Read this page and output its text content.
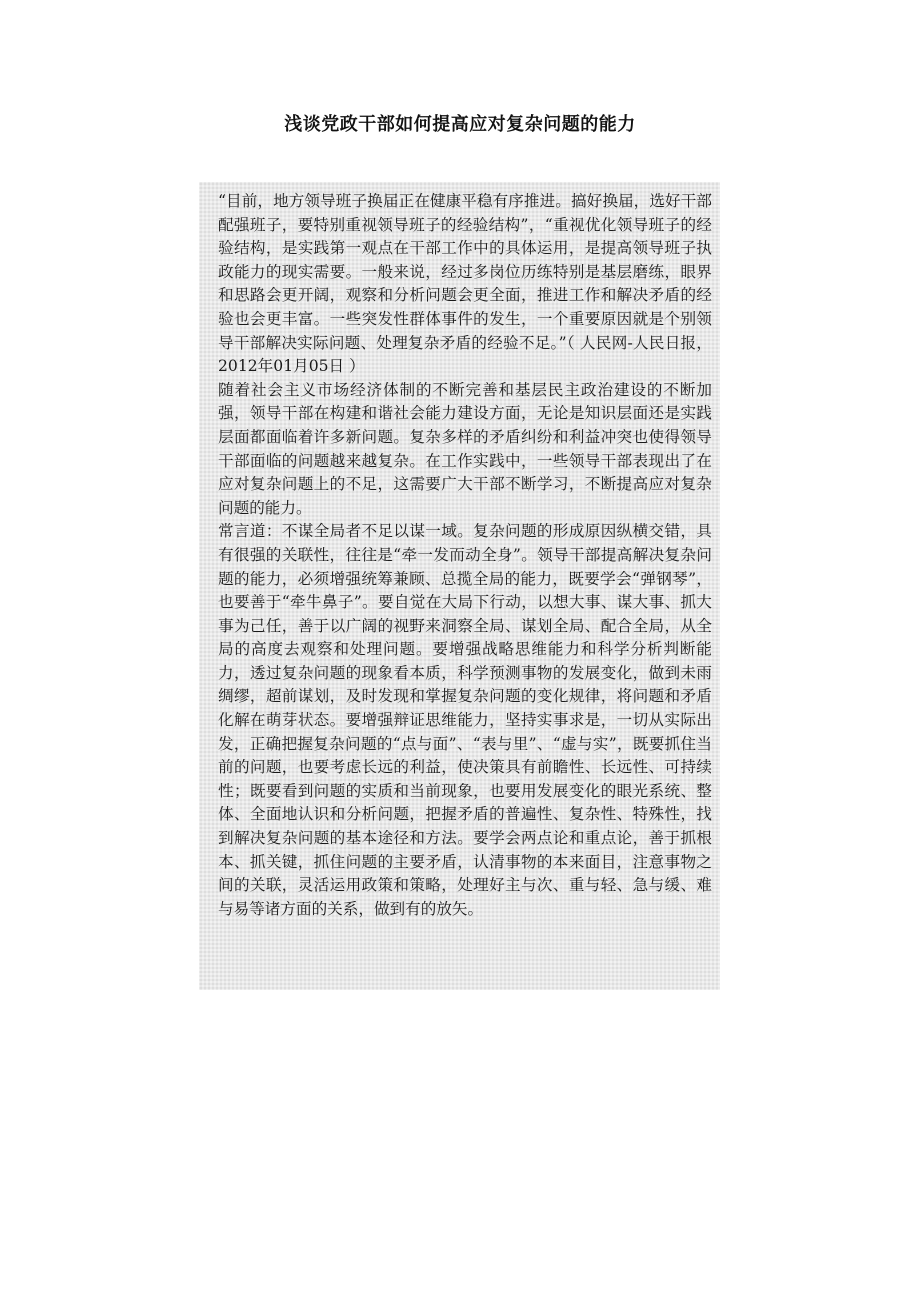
浅谈党政干部如何提高应对复杂问题的能力

“目前，地方领导班子换届正在健康平稳有序推进。搞好换届，选好干部配强班子，要特别重视领导班子的经验结构”，“重视优化领导班子的经验结构，是实践第一观点在干部工作中的具体运用，是提高领导班子执政能力的现实需要。一般来说，经过多岗位历练特别是基层磨练，眼界和思路会更开阔，观察和分析问题会更全面，推进工作和解决矛盾的经验也会更丰富。一些突发性群体事件的发生，一个重要原因就是个别领导干部解决实际问题、处理复杂矛盾的经验不足。”（ 人民网-人民日报，2012年01月05日 ）

随着社会主义市场经济体制的不断完善和基层民主政治建设的不断加强，领导干部在构建和谐社会能力建设方面，无论是知识层面还是实践层面都面临着许多新问题。复杂多样的矛盾纠纷和利益冲突也使得领导干部面临的问题越来越复杂。在工作实践中，一些领导干部表现出了在应对复杂问题上的不足，这需要广大干部不断学习，不断提高应对复杂问题的能力。

常言道：不谋全局者不足以谋一域。复杂问题的形成原因纵横交错，具有很强的关联性，往往是“牵一发而动全身”。领导干部提高解决复杂问题的能力，必须增强统筹兼顾、总揽全局的能力，既要学会“弹钢琴”，也要善于“牵牛鼻子”。要自觉在大局下行动，以想大事、谋大事、抓大事为己任，善于以广阔的视野来洞察全局、谋划全局、配合全局，从全局的高度去观察和处理问题。要增强战略思维能力和科学分析判断能力，透过复杂问题的现象看本质，科学预测事物的发展变化，做到未雨绸缪，超前谋划，及时发现和掌握复杂问题的变化规律，将问题和矛盾化解在萌芽状态。要增强辩证思维能力，坚持实事求是，一切从实际出发，正确把握复杂问题的“点与面”、“表与里”、“虚与实”，既要抓住当前的问题，也要考虑长远的利益，使决策具有前瞻性、长远性、可持续性；既要看到问题的实质和当前现象，也要用发展变化的眼光系统、整体、全面地认识和分析问题，把握矛盾的普遍性、复杂性、特殊性，找到解决复杂问题的基本途径和方法。要学会两点论和重点论，善于抓根本、抓关键，抓住问题的主要矛盾，认清事物的本来面目，注意事物之间的关联，灵活运用政策和策略，处理好主与次、重与轻、急与缓、难与易等诸方面的关系，做到有的放矢。
